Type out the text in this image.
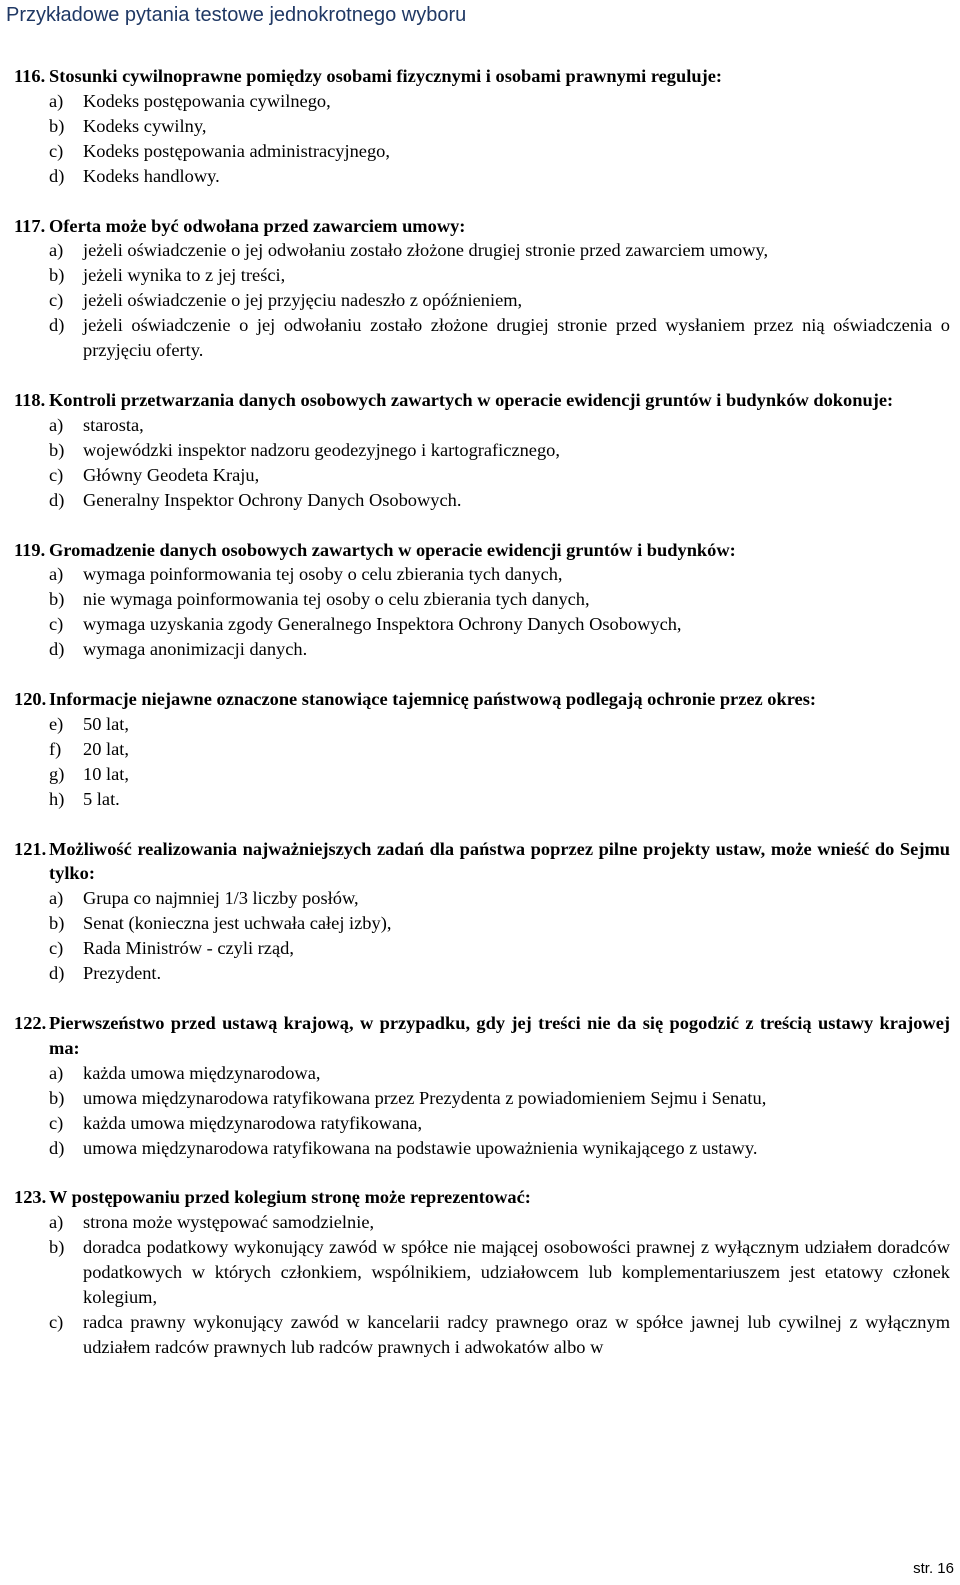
Przykładowe pytania testowe jednokrotnego wyboru
116. Stosunki cywilnoprawne pomiędzy osobami fizycznymi i osobami prawnymi reguluje:
a)	Kodeks postępowania cywilnego,
b)	Kodeks cywilny,
c)	Kodeks postępowania administracyjnego,
d)	Kodeks handlowy.
117. Oferta może być odwołana przed zawarciem umowy:
a)	jeżeli oświadczenie o jej odwołaniu zostało złożone drugiej stronie przed zawarciem umowy,
b)	jeżeli wynika to z jej treści,
c)	jeżeli oświadczenie o jej przyjęciu nadeszło z opóźnieniem,
d)	jeżeli oświadczenie o jej odwołaniu zostało złożone drugiej stronie przed wysłaniem przez nią oświadczenia o przyjęciu oferty.
118. Kontroli przetwarzania danych osobowych zawartych w operacie ewidencji gruntów i budynków dokonuje:
a)	starosta,
b)	wojewódzki inspektor nadzoru geodezyjnego i kartograficznego,
c)	Główny Geodeta Kraju,
d)	Generalny Inspektor Ochrony Danych Osobowych.
119. Gromadzenie danych osobowych zawartych w operacie ewidencji gruntów i budynków:
a)	wymaga poinformowania tej osoby o celu zbierania tych danych,
b)	nie wymaga poinformowania tej osoby o celu zbierania tych danych,
c)	wymaga uzyskania zgody Generalnego Inspektora Ochrony Danych Osobowych,
d)	wymaga anonimizacji danych.
120. Informacje niejawne oznaczone stanowiące tajemnicę państwową podlegają ochronie przez okres:
e)	50 lat,
f)	20 lat,
g)	10 lat,
h)	5 lat.
121. Możliwość realizowania najważniejszych zadań dla państwa poprzez pilne projekty ustaw, może wnieść do Sejmu tylko:
a)	Grupa co najmniej 1/3 liczby posłów,
b)	Senat (konieczna jest uchwała całej izby),
c)	Rada Ministrów - czyli rząd,
d)	Prezydent.
122. Pierwszeństwo przed ustawą krajową, w przypadku, gdy jej treści nie da się pogodzić z treścią ustawy krajowej ma:
a)	każda umowa międzynarodowa,
b)	umowa międzynarodowa ratyfikowana przez Prezydenta z powiadomieniem Sejmu i Senatu,
c)	każda umowa międzynarodowa ratyfikowana,
d)	umowa międzynarodowa ratyfikowana na podstawie upoważnienia wynikającego z ustawy.
123. W postępowaniu przed kolegium stronę może reprezentować:
a)	strona może występować samodzielnie,
b)	doradca podatkowy wykonujący zawód w spółce nie mającej osobowości prawnej z wyłącznym udziałem doradców podatkowych w których członkiem, wspólnikiem, udziałowcem lub komplementariuszem jest etatowy członek kolegium,
c)	radca prawny wykonujący zawód w kancelarii radcy prawnego oraz w spółce jawnej lub cywilnej z wyłącznym udziałem radców prawnych lub radców prawnych i adwokatów albo w
str. 16
